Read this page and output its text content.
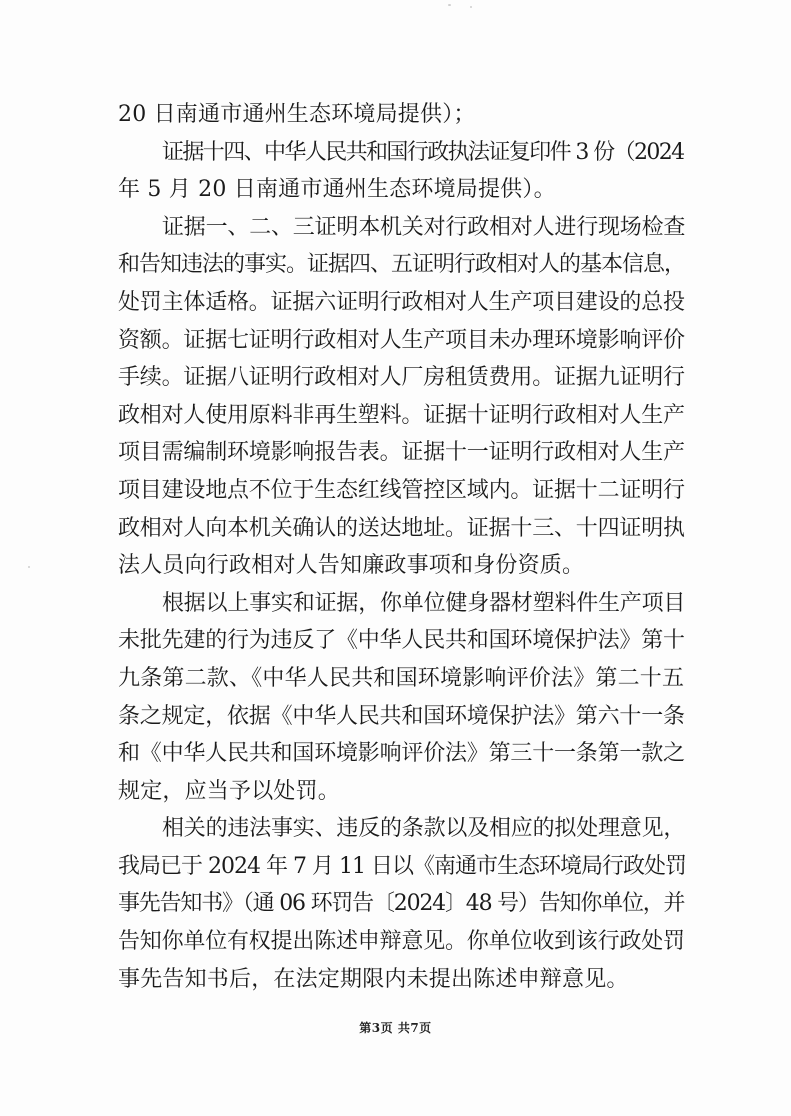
20 日南通市通州生态环境局提供）；
证据十四、中华人民共和国行政执法证复印件 3 份（2024
年 5 月 20 日南通市通州生态环境局提供）。
证据一、二、三证明本机关对行政相对人进行现场检查
和告知违法的事实。证据四、五证明行政相对人的基本信息，
处罚主体适格。证据六证明行政相对人生产项目建设的总投
资额。证据七证明行政相对人生产项目未办理环境影响评价
手续。证据八证明行政相对人厂房租赁费用。证据九证明行
政相对人使用原料非再生塑料。证据十证明行政相对人生产
项目需编制环境影响报告表。证据十一证明行政相对人生产
项目建设地点不位于生态红线管控区域内。证据十二证明行
政相对人向本机关确认的送达地址。证据十三、十四证明执
法人员向行政相对人告知廉政事项和身份资质。
根据以上事实和证据，你单位健身器材塑料件生产项目
未批先建的行为违反了《中华人民共和国环境保护法》第十
九条第二款、《中华人民共和国环境影响评价法》第二十五
条之规定，依据《中华人民共和国环境保护法》第六十一条
和《中华人民共和国环境影响评价法》第三十一条第一款之
规定，应当予以处罚。
相关的违法事实、违反的条款以及相应的拟处理意见，
我局已于 2024 年 7 月 11 日以《南通市生态环境局行政处罚
事先告知书》（通 06 环罚告〔2024〕48 号）告知你单位，并
告知你单位有权提出陈述申辩意见。你单位收到该行政处罚
事先告知书后，在法定期限内未提出陈述申辩意见。
第3页 共7页
